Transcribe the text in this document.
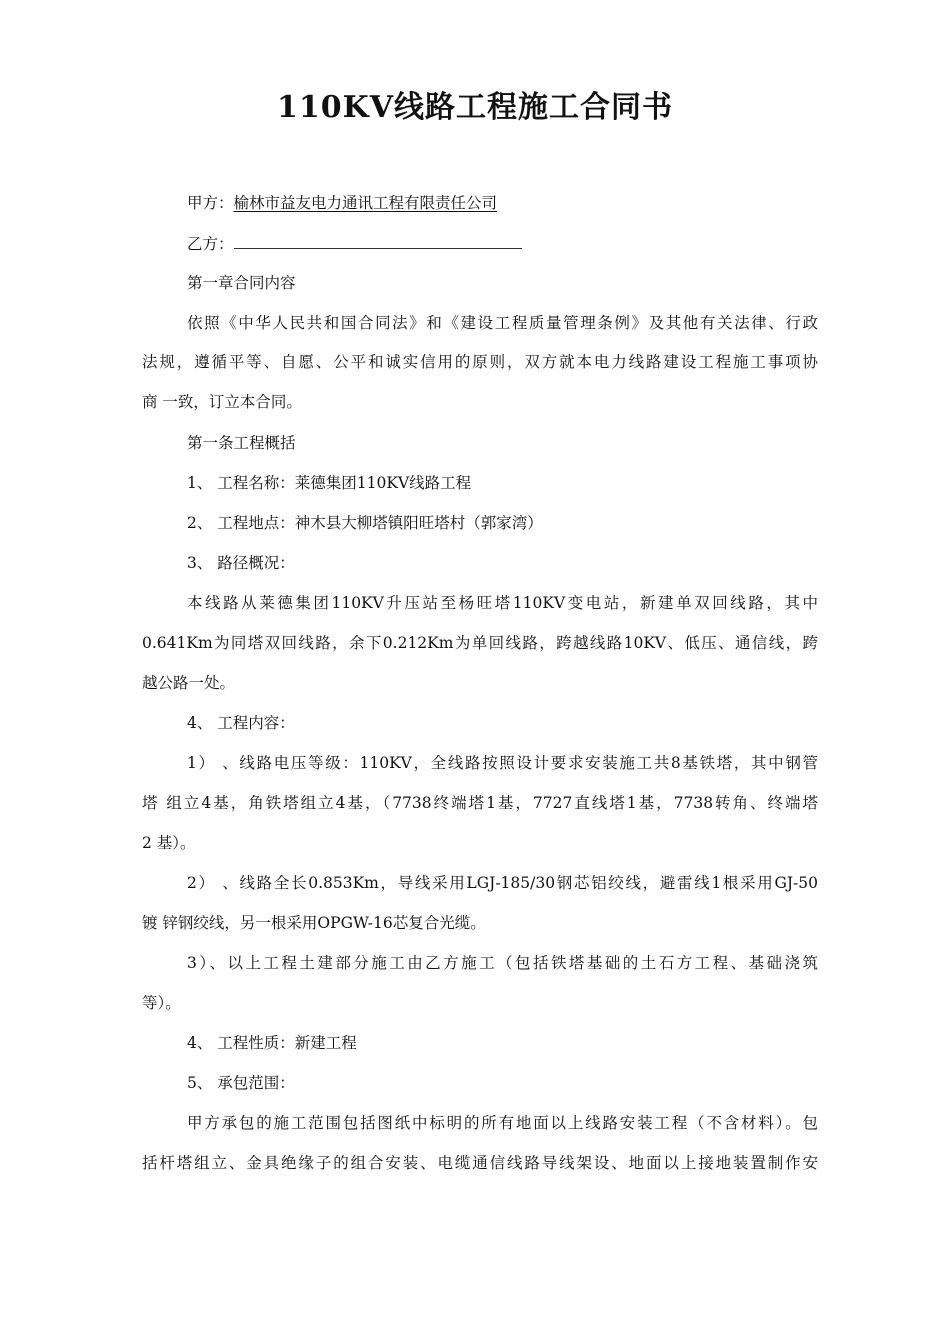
110KV线路工程施工合同书
甲方：榆林市益友电力通讯工程有限责任公司
乙方：
第一章合同内容
依照《中华人民共和国合同法》和《建设工程质量管理条例》及其他有关法律、行政
法规，遵循平等、自愿、公平和诚实信用的原则，双方就本电力线路建设工程施工事项协
商 一致，订立本合同。
第一条工程概括
1、 工程名称：莱德集团110KV线路工程
2、 工程地点：神木县大柳塔镇阳旺塔村（郭家湾）
3、 路径概况：
本线路从莱德集团110KV升压站至杨旺塔110KV变电站，新建单双回线路，其中
0.641Km为同塔双回线路，余下0.212Km为单回线路，跨越线路10KV、低压、通信线，跨
越公路一处。
4、 工程内容：
1） 、线路电压等级：110KV，全线路按照设计要求安装施工共8基铁塔，其中钢管
塔 组立4基，角铁塔组立4基，（7738终端塔1基，7727直线塔1基，7738转角、终端塔
2 基）。
2） 、线路全长0.853Km，导线采用LGJ-185/30钢芯铝绞线，避雷线1根采用GJ-50
镀 锌钢绞线，另一根采用OPGW-16芯复合光缆。
3）、以上工程土建部分施工由乙方施工（包括铁塔基础的土石方工程、基础浇筑
等）。
4、 工程性质：新建工程
5、 承包范围：
甲方承包的施工范围包括图纸中标明的所有地面以上线路安装工程（不含材料）。包
括杆塔组立、金具绝缘子的组合安装、电缆通信线路导线架设、地面以上接地装置制作安
